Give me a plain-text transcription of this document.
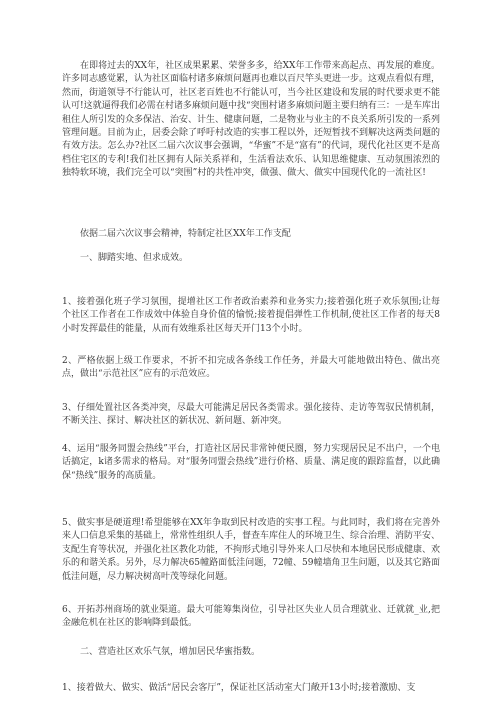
在即将过去的XX年，社区成果累累、荣誉多多，给XX年工作带来高起点、再发展的难度。许多同志感觉累，认为社区面临村诸多麻烦问题再也难以百尺竿头更进一步。这观点看似有理，然而，街道领导不行能认可，社区老百姓也不行能认可，当今社区建设和发展的时代要求更不能认可!这就逼得我们必需在村诸多麻烦问题中找“突围村诸多麻烦问题主要归纳有三：一是车库出租住人所引发的众多保洁、治安、计生、健康问题，二是物业与业主的不良关系所引发的一系列管理问题。目前为止，居委会除了呼吁村改造的实事工程以外，还短暂找不到解决这两类问题的有效方法。怎么办?社区二届六次议事会强调，“华蜜”不是“富有”的代词，现代化社区更不是高档住宅区的专利!我们社区拥有人际关系祥和，生活看法欢乐、认知思维健康、互动氛围浓烈的独特软环境，我们完全可以“突围”村的共性冲突，做强、做大、做实中国现代化的一流社区!

依据二届六次议事会精神，特制定社区XX年工作支配

一、脚踏实地、但求成效。

1、接着强化班子学习氛围，提增社区工作者政治素养和业务实力;接着强化班子欢乐氛围;让每个社区工作者在工作成效中体验自身价值的愉悦;接着提倡弹性工作机制,使社区工作者的每天8小时发挥最佳的能量，从而有效维系社区每天开门13个小时。

2、严格依据上级工作要求，不折不扣完成各条线工作任务，并最大可能地做出特色、做出亮点，做出“示范社区”应有的示范效应。

3、仔细处置社区各类冲突，尽最大可能满足居民各类需求。强化接待、走访等驾驭民情机制，不断关注、探讨、解决社区的新状况、新问题、新冲突。

4、运用“服务同盟会热线”平台，打造社区居民非常钟便民圈，努力实现居民足不出户，一个电话搞定，k诸多需求的格局。对“服务同盟会热线”进行价格、质量、满足度的跟踪监督，以此确保“热线”服务的高质量。

5、做实事是硬道理!希望能够在XX年争取到民村改造的实事工程。与此同时，我们将在完善外来人口信息采集的基础上，常常性组织人手，督查车库住人的环境卫生、综合治理、消防平安、支配生育等状况，并强化社区教化功能，不拘形式地引导外来人口尽快和本地居民形成健康、欢乐的和谐关系。另外，尽力解决65幢路面低洼问题，72幢、59幢墙角卫生问题，以及其它路面低洼问题，尽力解决树高叶茂等绿化问题。

6、开拓苏州商场的就业渠道。最大可能筹集岗位，引导社区失业人员合理就业、迁就就_业,把金融危机在社区的影响降到最低。

二、营造社区欢乐气氛，增加居民华蜜指数。

1、接着做大、做实、做活“居民会客厅”，保证社区活动室大门敞开13小时;接着激励、支
